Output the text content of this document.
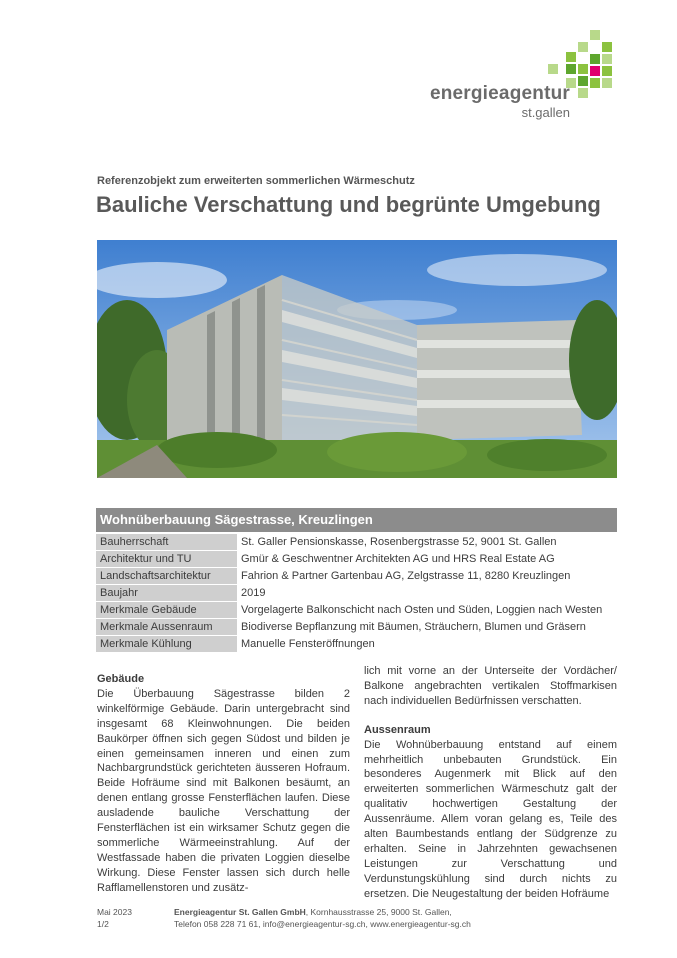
energieagentur
st.gallen
Referenzobjekt zum erweiterten sommerlichen Wärmeschutz
Bauliche Verschattung und begrünte Umgebung
Wohnüberbauung Sägestrasse, Kreuzlingen
Bauherrschaft	St. Galler Pensionskasse, Rosenbergstrasse 52, 9001 St. Gallen
Architektur und TU	Gmür & Geschwentner Architekten AG und HRS Real Estate AG
Landschaftsarchitektur	Fahrion & Partner Gartenbau AG, Zelgstrasse 11, 8280 Kreuzlingen
Baujahr	2019
Merkmale Gebäude	Vorgelagerte Balkonschicht nach Osten und Süden, Loggien nach Westen
Merkmale Aussenraum	Biodiverse Bepflanzung mit Bäumen, Sträuchern, Blumen und Gräsern
Merkmale Kühlung	Manuelle Fensteröffnungen
Gebäude

Die Überbauung Sägestrasse bilden 2 winkelförmige Gebäude. Darin untergebracht sind insgesamt 68 Kleinwohnungen. Die beiden Baukörper öffnen sich gegen Südost und bilden je einen gemeinsamen inneren und einen zum Nachbargrundstück gerichteten äusseren Hofraum. Beide Hofräume sind mit Balkonen besäumt, an denen entlang grosse Fensterflächen laufen. Diese ausladende bauliche Verschattung der Fensterflächen ist ein wirksamer Schutz gegen die sommerliche Wärmeeinstrahlung. Auf der Westfassade haben die privaten Loggien dieselbe Wirkung. Diese Fenster lassen sich durch helle Rafflamellenstoren und zusätz-

lich mit vorne an der Unterseite der Vordächer/ Balkone angebrachten vertikalen Stoffmarkisen nach individuellen Bedürfnissen verschatten.

Aussenraum

Die Wohnüberbauung entstand auf einem mehrheitlich unbebauten Grundstück. Ein besonderes Augenmerk mit Blick auf den erweiterten sommerlichen Wärmeschutz galt der qualitativ hochwertigen Gestaltung der Aussenräume. Allem voran gelang es, Teile des alten Baumbestands entlang der Südgrenze zu erhalten. Seine in Jahrzehnten gewachsenen Leistungen zur Verschattung und Verdunstungskühlung sind durch nichts zu ersetzen. Die Neugestaltung der beiden Hofräume

Mai 2023
1/2
Energieagentur St. Gallen GmbH, Kornhausstrasse 25, 9000 St. Gallen,
Telefon 058 228 71 61, info@energieagentur-sg.ch, www.energieagentur-sg.ch
